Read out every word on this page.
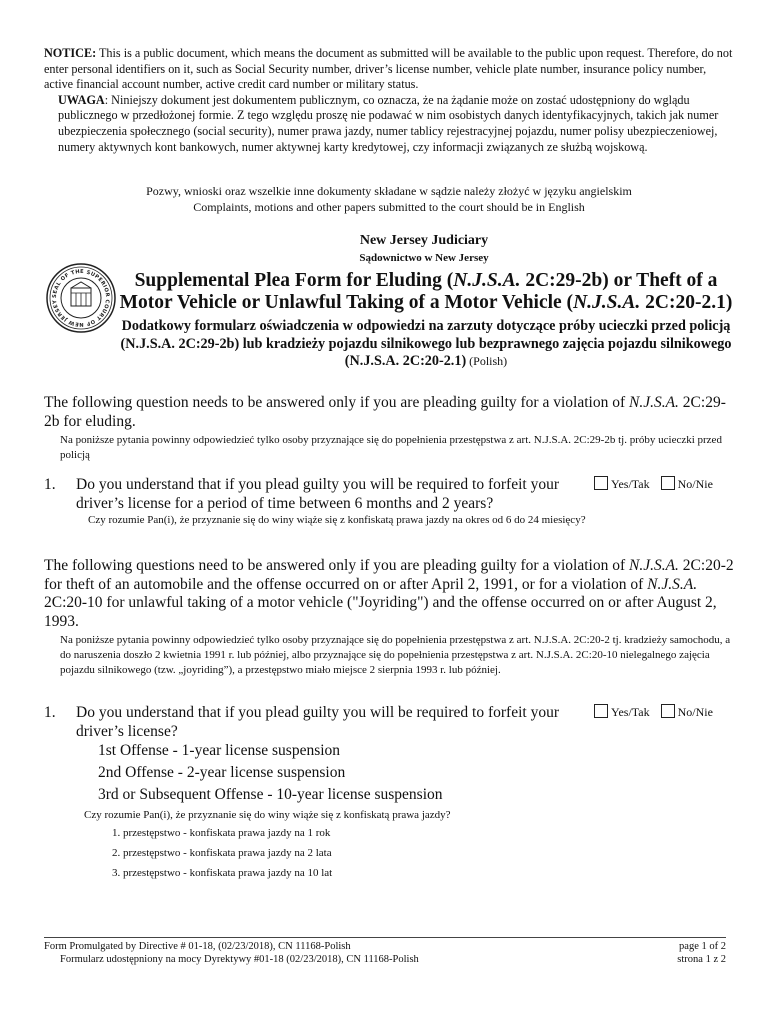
NOTICE: This is a public document, which means the document as submitted will be available to the public upon request. Therefore, do not enter personal identifiers on it, such as Social Security number, driver’s license number, vehicle plate number, insurance policy number, active financial account number, active credit card number or military status.
UWAGA: Niniejszy dokument jest dokumentem publicznym, co oznacza, że na żądanie może on zostać udostępniony do wglądu publicznego w przedłożonej formie. Z tego względu proszę nie podawać w nim osobistych danych identyfikacyjnych, takich jak numer ubezpieczenia społecznego (social security), numer prawa jazdy, numer tablicy rejestracyjnej pojazdu, numer polisy ubezpieczeniowej, numery aktywnych kont bankowych, numer aktywnej karty kredytowej, czy informacji związanych ze służbą wojskową.
Pozwy, wnioski oraz wszelkie inne dokumenty składane w sądzie należy złożyć w języku angielskim
Complaints, motions and other papers submitted to the court should be in English
New Jersey Judiciary
Sądownictwo w New Jersey
SEAL OF THE SUPERIOR COURT OF NEW JERSEY
Supplemental Plea Form for Eluding (N.J.S.A. 2C:29-2b) or Theft of a Motor Vehicle or Unlawful Taking of a Motor Vehicle (N.J.S.A. 2C:20-2.1)
Dodatkowy formularz oświadczenia w odpowiedzi na zarzuty dotyczące próby ucieczki przed policją (N.J.S.A. 2C:29-2b) lub kradzieży pojazdu silnikowego lub bezprawnego zajęcia pojazdu silnikowego (N.J.S.A. 2C:20-2.1) (Polish)
The following question needs to be answered only if you are pleading guilty for a violation of N.J.S.A. 2C:29-2b for eluding.
Na poniższe pytania powinny odpowiedzieć tylko osoby przyznające się do popełnienia przestępstwa z art. N.J.S.A. 2C:29-2b tj. próby ucieczki przed policją
1. Do you understand that if you plead guilty you will be required to forfeit your driver’s license for a period of time between 6 months and 2 years?
Yes/Tak No/Nie
Czy rozumie Pan(i), że przyznanie się do winy wiąże się z konfiskatą prawa jazdy na okres od 6 do 24 miesięcy?
The following questions need to be answered only if you are pleading guilty for a violation of N.J.S.A. 2C:20-2 for theft of an automobile and the offense occurred on or after April 2, 1991, or for a violation of N.J.S.A. 2C:20-10 for unlawful taking of a motor vehicle ("Joyriding") and the offense occurred on or after August 2, 1993.
Na poniższe pytania powinny odpowiedzieć tylko osoby przyznające się do popełnienia przestępstwa z art. N.J.S.A. 2C:20-2 tj. kradzieży samochodu, a do naruszenia doszło 2 kwietnia 1991 r. lub później, albo przyznające się do popełnienia przestępstwa z art. N.J.S.A. 2C:20-10 nielegalnego zajęcia pojazdu silnikowego (tzw. „joyriding”), a przestępstwo miało miejsce 2 sierpnia 1993 r. lub później.
1. Do you understand that if you plead guilty you will be required to forfeit your driver’s license?
Yes/Tak No/Nie
1st Offense - 1-year license suspension
2nd Offense - 2-year license suspension
3rd or Subsequent Offense - 10-year license suspension
Czy rozumie Pan(i), że przyznanie się do winy wiąże się z konfiskatą prawa jazdy?
1. przestępstwo - konfiskata prawa jazdy na 1 rok
2. przestępstwo - konfiskata prawa jazdy na 2 lata
3. przestępstwo - konfiskata prawa jazdy na 10 lat
Form Promulgated by Directive # 01-18, (02/23/2018), CN 11168-Polish
Formularz udostępniony na mocy Dyrektywy #01-18 (02/23/2018), CN 11168-Polish
page 1 of 2
strona 1 z 2
